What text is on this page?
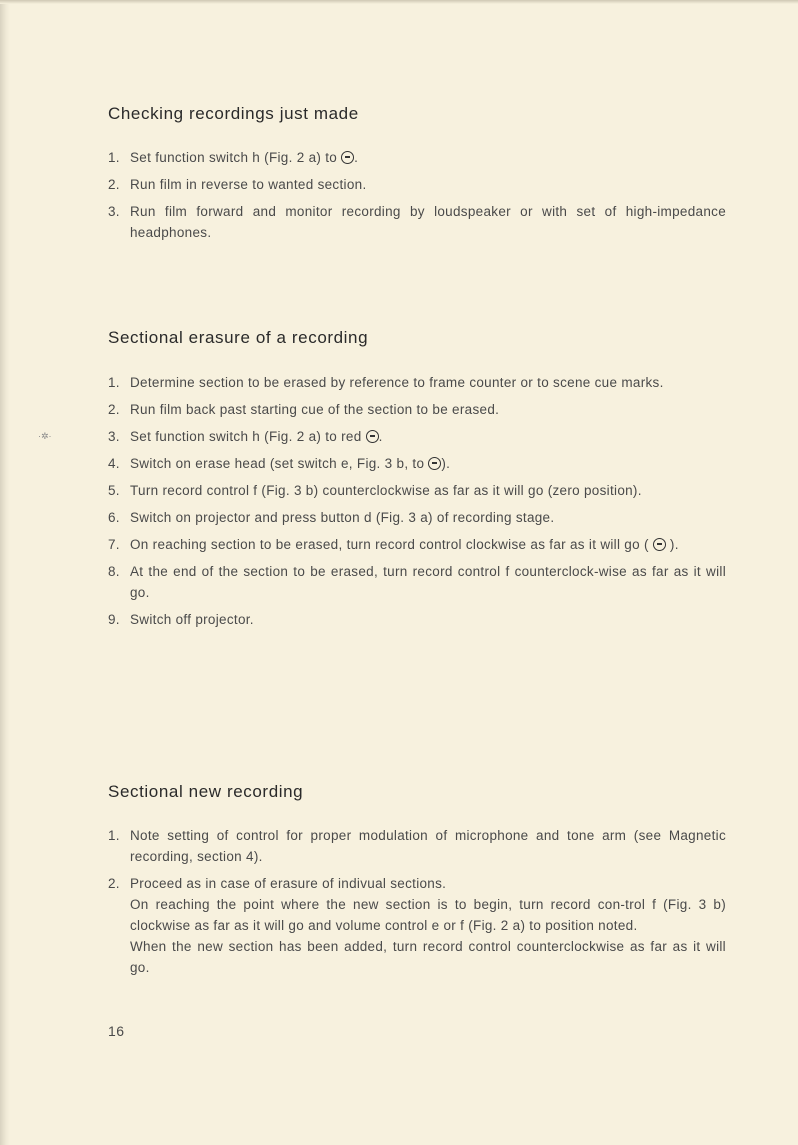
·✲·
Checking recordings just made
1. Set function switch h (Fig. 2 a) to .
2. Run film in reverse to wanted section.
3. Run film forward and monitor recording by loudspeaker or with set of high-impedance headphones.
Sectional erasure of a recording
1. Determine section to be erased by reference to frame counter or to scene cue marks.
2. Run film back past starting cue of the section to be erased.
3. Set function switch h (Fig. 2 a) to red .
4. Switch on erase head (set switch e, Fig. 3 b, to ).
5. Turn record control f (Fig. 3 b) counterclockwise as far as it will go (zero position).
6. Switch on projector and press button d (Fig. 3 a) of recording stage.
7. On reaching section to be erased, turn record control clockwise as far as it will go ( ).
8. At the end of the section to be erased, turn record control f counterclock-wise as far as it will go.
9. Switch off projector.
Sectional new recording
1. Note setting of control for proper modulation of microphone and tone arm (see Magnetic recording, section 4).
2. Proceed as in case of erasure of indivual sections.
On reaching the point where the new section is to begin, turn record con-trol f (Fig. 3 b) clockwise as far as it will go and volume control e or f (Fig. 2 a) to position noted.
When the new section has been added, turn record control counterclockwise as far as it will go.
16
